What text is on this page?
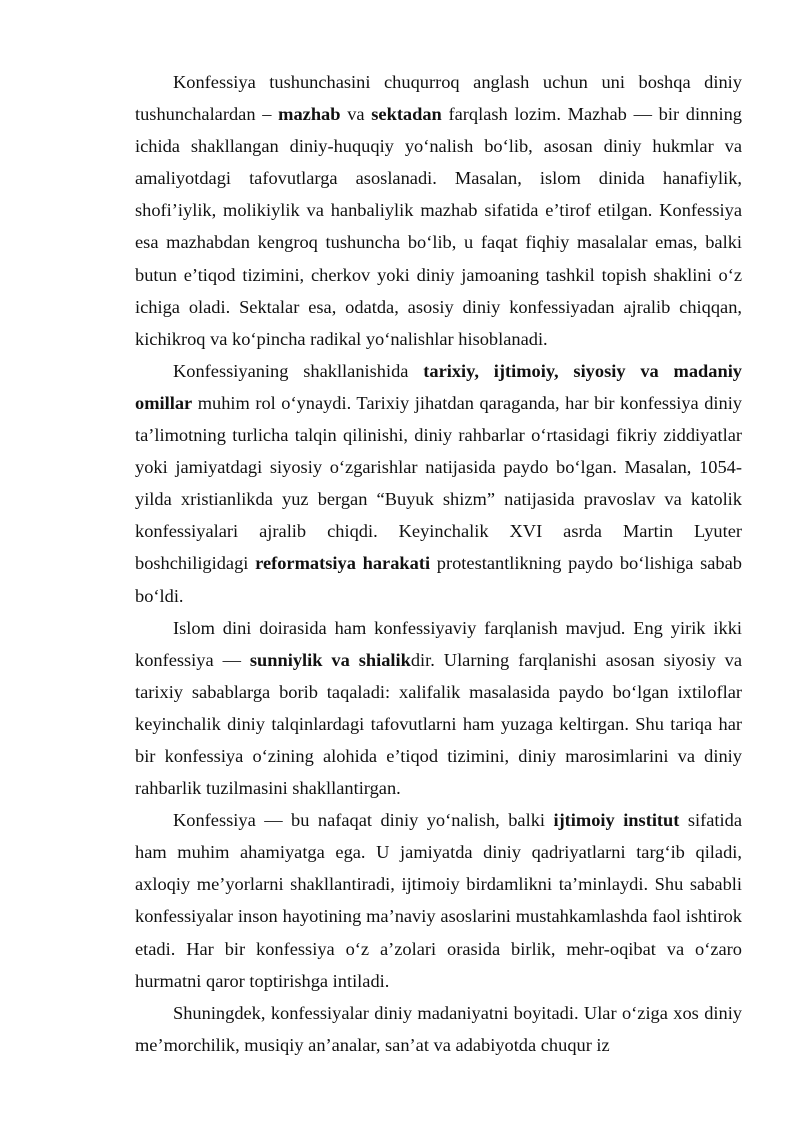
Konfessiya tushunchasini chuqurroq anglash uchun uni boshqa diniy tushunchalardan – mazhab va sektadan farqlash lozim. Mazhab — bir dinning ichida shakllangan diniy-huquqiy yo‘nalish bo‘lib, asosan diniy hukmlar va amaliyotdagi tafovutlarga asoslanadi. Masalan, islom dinida hanafiylik, shofi’iylik, molikiylik va hanbaliylik mazhab sifatida e’tirof etilgan. Konfessiya esa mazhabdan kengroq tushuncha bo‘lib, u faqat fiqhiy masalalar emas, balki butun e’tiqod tizimini, cherkov yoki diniy jamoaning tashkil topish shaklini o‘z ichiga oladi. Sektalar esa, odatda, asosiy diniy konfessiyadan ajralib chiqqan, kichikroq va ko‘pincha radikal yo‘nalishlar hisoblanadi.

Konfessiyaning shakllanishida tarixiy, ijtimoiy, siyosiy va madaniy omillar muhim rol o‘ynaydi. Tarixiy jihatdan qaraganda, har bir konfessiya diniy ta’limotning turlicha talqin qilinishi, diniy rahbarlar o‘rtasidagi fikriy ziddiyatlar yoki jamiyatdagi siyosiy o‘zgarishlar natijasida paydo bo‘lgan. Masalan, 1054-yilda xristianlikda yuz bergan “Buyuk shizm” natijasida pravoslav va katolik konfessiyalari ajralib chiqdi. Keyinchalik XVI asrda Martin Lyuter boshchiligidagi reformatsiya harakati protestantlikning paydo bo‘lishiga sabab bo‘ldi.

Islom dini doirasida ham konfessiyaviy farqlanish mavjud. Eng yirik ikki konfessiya — sunniylik va shialikdir. Ularning farqlanishi asosan siyosiy va tarixiy sabablarga borib taqaladi: xalifalik masalasida paydo bo‘lgan ixtiloflar keyinchalik diniy talqinlardagi tafovutlarni ham yuzaga keltirgan. Shu tariqa har bir konfessiya o‘zining alohida e’tiqod tizimini, diniy marosimlarini va diniy rahbarlik tuzilmasini shakllantirgan.

Konfessiya — bu nafaqat diniy yo‘nalish, balki ijtimoiy institut sifatida ham muhim ahamiyatga ega. U jamiyatda diniy qadriyatlarni targ‘ib qiladi, axloqiy me’yorlarni shakllantiradi, ijtimoiy birdamlikni ta’minlaydi. Shu sababli konfessiyalar inson hayotining ma’naviy asoslarini mustahkamlashda faol ishtirok etadi. Har bir konfessiya o‘z a’zolari orasida birlik, mehr-oqibat va o‘zaro hurmatni qaror toptirishga intiladi.

Shuningdek, konfessiyalar diniy madaniyatni boyitadi. Ular o‘ziga xos diniy me’morchilik, musiqiy an’analar, san’at va adabiyotda chuqur iz
